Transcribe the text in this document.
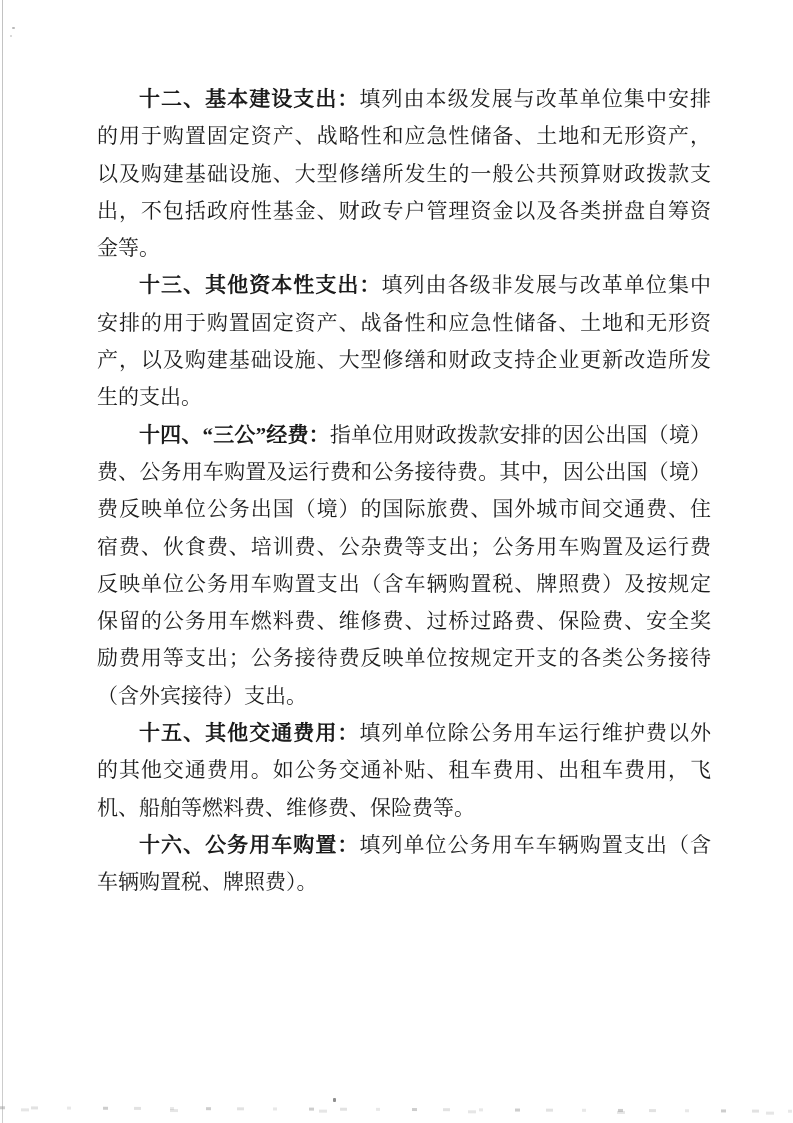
十二、基本建设支出：填列由本级发展与改革单位集中安排
的用于购置固定资产、战略性和应急性储备、土地和无形资产，
以及购建基础设施、大型修缮所发生的一般公共预算财政拨款支
出，不包括政府性基金、财政专户管理资金以及各类拼盘自筹资
金等。
十三、其他资本性支出：填列由各级非发展与改革单位集中
安排的用于购置固定资产、战备性和应急性储备、土地和无形资
产，以及购建基础设施、大型修缮和财政支持企业更新改造所发
生的支出。
十四、“三公”经费：指单位用财政拨款安排的因公出国（境）
费、公务用车购置及运行费和公务接待费。其中，因公出国（境）
费反映单位公务出国（境）的国际旅费、国外城市间交通费、住
宿费、伙食费、培训费、公杂费等支出；公务用车购置及运行费
反映单位公务用车购置支出（含车辆购置税、牌照费）及按规定
保留的公务用车燃料费、维修费、过桥过路费、保险费、安全奖
励费用等支出；公务接待费反映单位按规定开支的各类公务接待
（含外宾接待）支出。
十五、其他交通费用：填列单位除公务用车运行维护费以外
的其他交通费用。如公务交通补贴、租车费用、出租车费用，飞
机、船舶等燃料费、维修费、保险费等。
十六、公务用车购置：填列单位公务用车车辆购置支出（含
车辆购置税、牌照费）。
